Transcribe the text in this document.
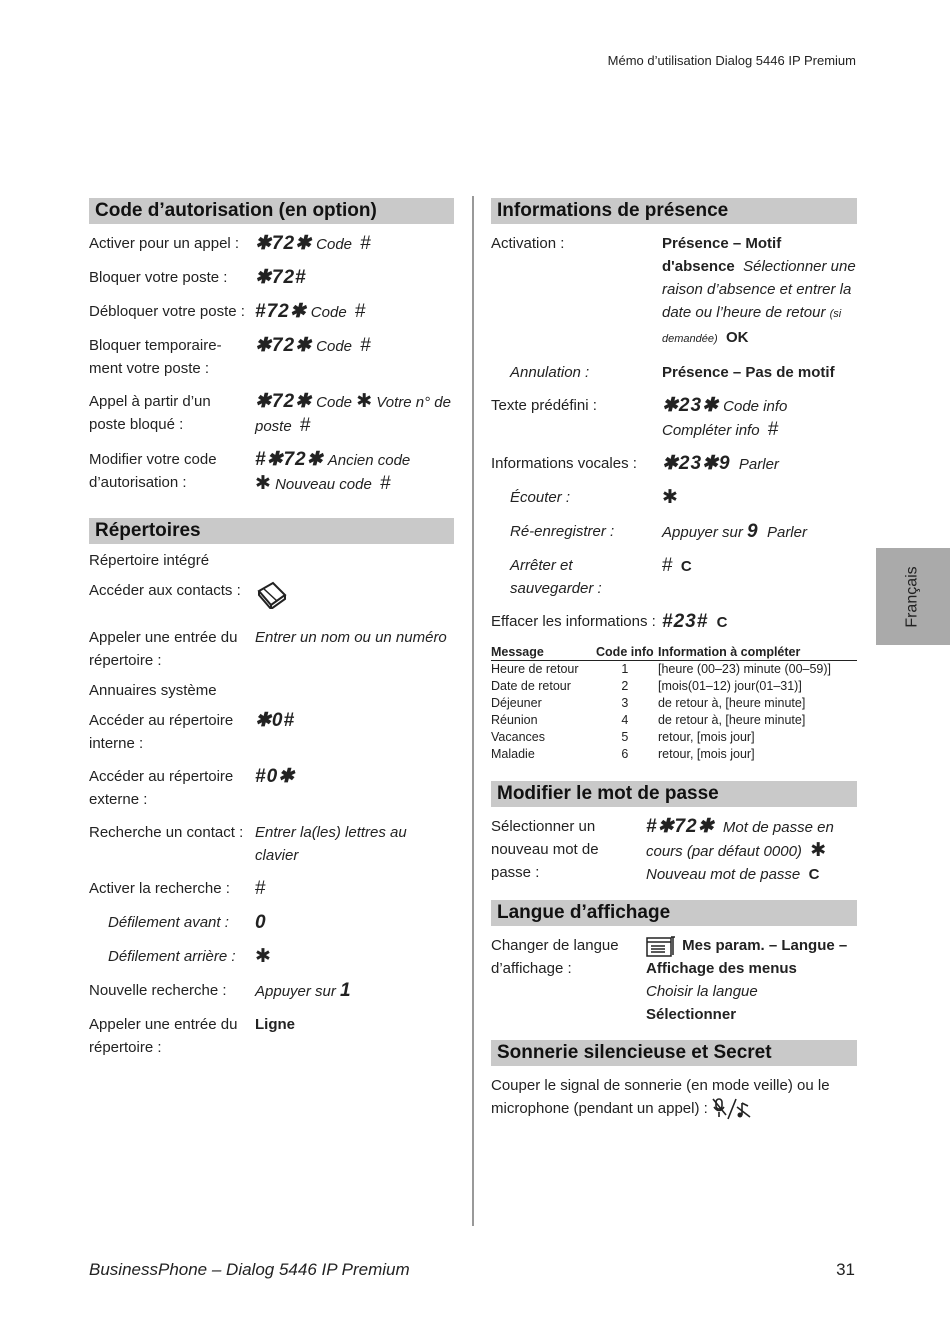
Mémo d’utilisation Dialog 5446 IP Premium
Code d’autorisation (en option)
Activer pour un appel : ✱72✱ Code #
Bloquer votre poste :	✱72#
Débloquer votre poste : #72✱ Code #
Bloquer temporaire-ment votre poste :
✱72✱ Code #
Appel à partir d’un poste bloqué :
✱72✱ Code ✱ Votre n° de poste #
Modifier votre code d’autorisation :
#✱72✱ Ancien code
✱ Nouveau code #
Répertoires
Répertoire intégré
Accéder aux contacts :
Appeler une entrée du répertoire :
Entrer un nom ou un numéro
Annuaires système
Accéder au répertoire interne :
✱0#
Accéder au répertoire externe :
#0✱
Recherche un contact : Entrer la(les) lettres au clavier
Activer la recherche :	#
Défilement avant :	0
Défilement arrière :	✱
Nouvelle recherche :	Appuyer sur 1
Appeler une entrée du répertoire :
Ligne
Informations de présence
Activation :	Présence – Motif d'absence Sélectionner une raison d’absence et entrer la date ou l’heure de retour (si demandée) OK
Annulation :	Présence – Pas de motif
Texte prédéfini :	✱23✱ Code info
Compléter info #
Informations vocales :	✱23✱9 Parler
Écouter :	✱
Ré-enregistrer :	Appuyer sur 9 Parler
Arrêter et sauvegarder :
# C
Effacer les informations : #23# C
Message	Code info	Information à compléter
Heure de retour	1	[heure (00–23) minute (00–59)]
Date de retour	2	[mois(01–12) jour(01–31)]
Déjeuner	3	de retour à, [heure minute]
Réunion	4	de retour à, [heure minute]
Vacances	5	retour, [mois jour]
Maladie	6	retour, [mois jour]
Modifier le mot de passe
Sélectionner un nouveau mot de passe :
#✱72✱ Mot de passe en cours (par défaut 0000) ✱
Nouveau mot de passe C
Langue d’affichage
Changer de langue d’affichage :
Mes param. – Langue – Affichage des menus
Choisir la langue
Sélectionner
Sonnerie silencieuse et Secret
Couper le signal de sonnerie (en mode veille) ou le microphone (pendant un appel) :
Français
BusinessPhone – Dialog 5446 IP Premium	31
